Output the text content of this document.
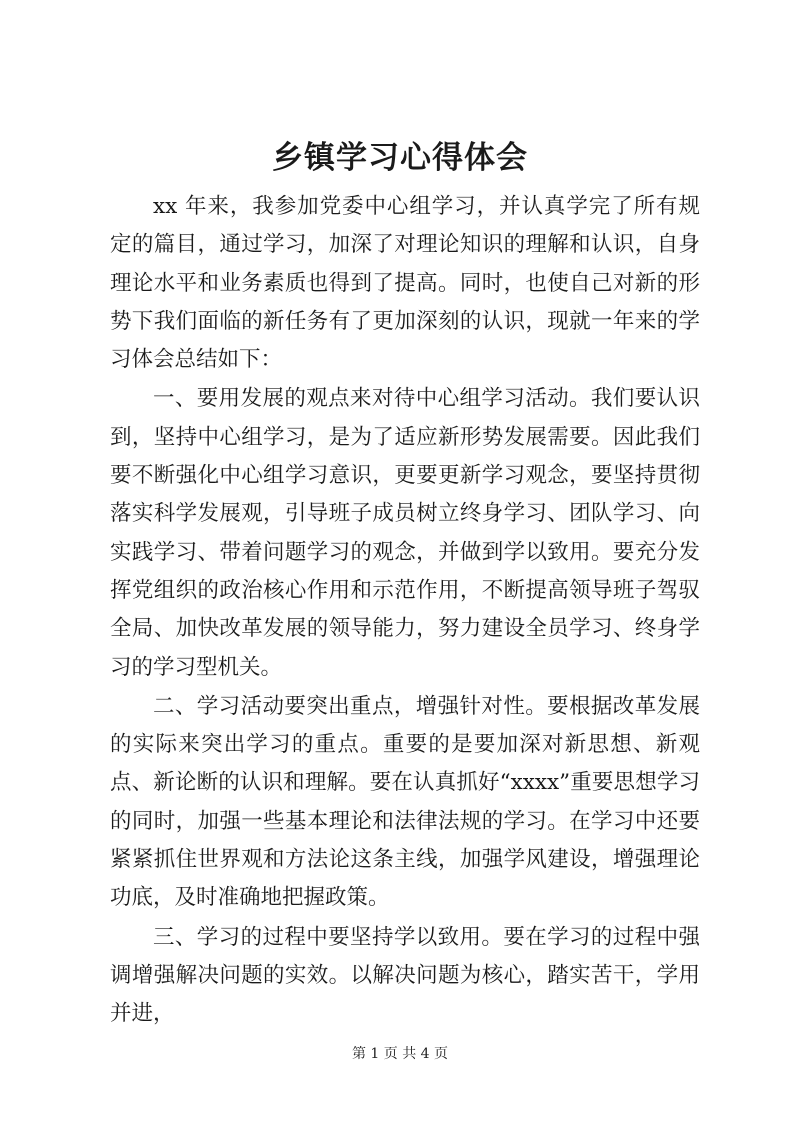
乡镇学习心得体会

xx 年来，我参加党委中心组学习，并认真学完了所有规定的篇目，通过学习，加深了对理论知识的理解和认识，自身理论水平和业务素质也得到了提高。同时，也使自己对新的形势下我们面临的新任务有了更加深刻的认识，现就一年来的学习体会总结如下：

一、要用发展的观点来对待中心组学习活动。我们要认识到，坚持中心组学习，是为了适应新形势发展需要。因此我们要不断强化中心组学习意识，更要更新学习观念，要坚持贯彻落实科学发展观，引导班子成员树立终身学习、团队学习、向实践学习、带着问题学习的观念，并做到学以致用。要充分发挥党组织的政治核心作用和示范作用，不断提高领导班子驾驭全局、加快改革发展的领导能力，努力建设全员学习、终身学习的学习型机关。

二、学习活动要突出重点，增强针对性。要根据改革发展的实际来突出学习的重点。重要的是要加深对新思想、新观点、新论断的认识和理解。要在认真抓好“xxxx”重要思想学习的同时，加强一些基本理论和法律法规的学习。在学习中还要紧紧抓住世界观和方法论这条主线，加强学风建设，增强理论功底，及时准确地把握政策。

三、学习的过程中要坚持学以致用。要在学习的过程中强调增强解决问题的实效。以解决问题为核心，踏实苦干，学用并进，

第 1 页 共 4 页
